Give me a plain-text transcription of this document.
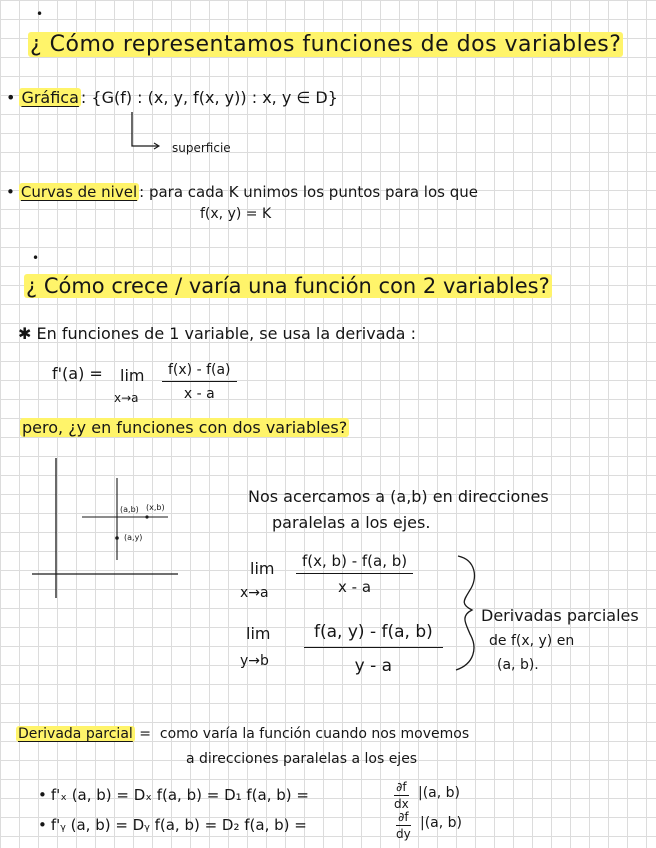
•
¿ Cómo representamos funciones de dos variables?
• Gráfica : {G(f) : (x, y, f(x, y)) : x, y ∈ D}
superficie
• Curvas de nivel : para cada K unimos los puntos para los que
f(x, y) = K
•
¿ Cómo crece / varía una función con 2 variables?
✱ En funciones de 1 variable, se usa la derivada :
f'(a) = lim
$x\to a \frac{f(x) - f(a)}{x - a}$
pero, ¿y en funciones con dos variables?
(a,b) (x,b)
(a,y)
Nos acercamos a (a,b) en direcciones
paralelas a los ejes.
lim
$x\to a \frac{f(x, b) - f(a, b)}{x - a}$
lim
$y\to b \frac{f(a, y) - f(a, b)}{y - a}$
Derivadas parciales
de f(x, y) en
(a, b).
Derivada parcial = como varía la función cuando nos movemos
a direcciones paralelas a los ejes
• f'ₓ (a, b) = Dₓ f(a, b) = D₁ f(a, b) =	$\frac{\partial f}{dx} |(a$, b)
• f'ᵧ (a, b) = Dᵧ f(a, b) = D₂ f(a, b) =	$\frac{\partial f}{dy} |(a$, b)
